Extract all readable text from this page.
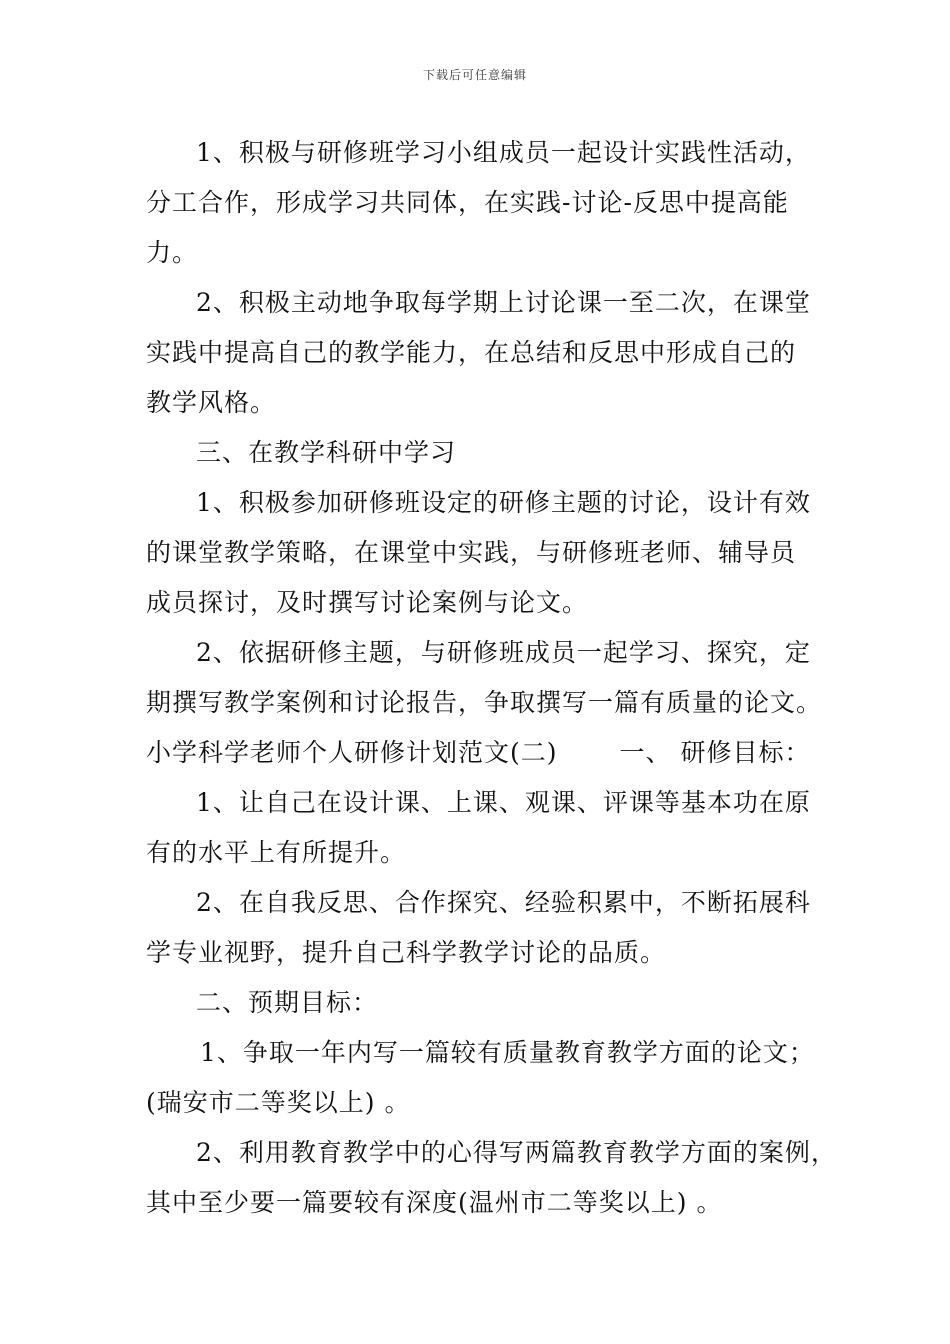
下载后可任意编辑
1、积极与研修班学习小组成员一起设计实践性活动，
分工合作，形成学习共同体，在实践-讨论-反思中提高能
力。
2、积极主动地争取每学期上讨论课一至二次，在课堂
实践中提高自己的教学能力，在总结和反思中形成自己的
教学风格。
三、在教学科研中学习
1、积极参加研修班设定的研修主题的讨论，设计有效
的课堂教学策略，在课堂中实践，与研修班老师、辅导员
成员探讨，及时撰写讨论案例与论文。
2、依据研修主题，与研修班成员一起学习、探究，定
期撰写教学案例和讨论报告，争取撰写一篇有质量的论文。
小学科学老师个人研修计划范文(二) 一、 研修目标：
1、让自己在设计课、上课、观课、评课等基本功在原
有的水平上有所提升。
2、在自我反思、合作探究、经验积累中，不断拓展科
学专业视野，提升自己科学教学讨论的品质。
二、预期目标：
1、争取一年内写一篇较有质量教育教学方面的论文；
(瑞安市二等奖以上) 。
2、利用教育教学中的心得写两篇教育教学方面的案例，
其中至少要一篇要较有深度(温州市二等奖以上) 。
